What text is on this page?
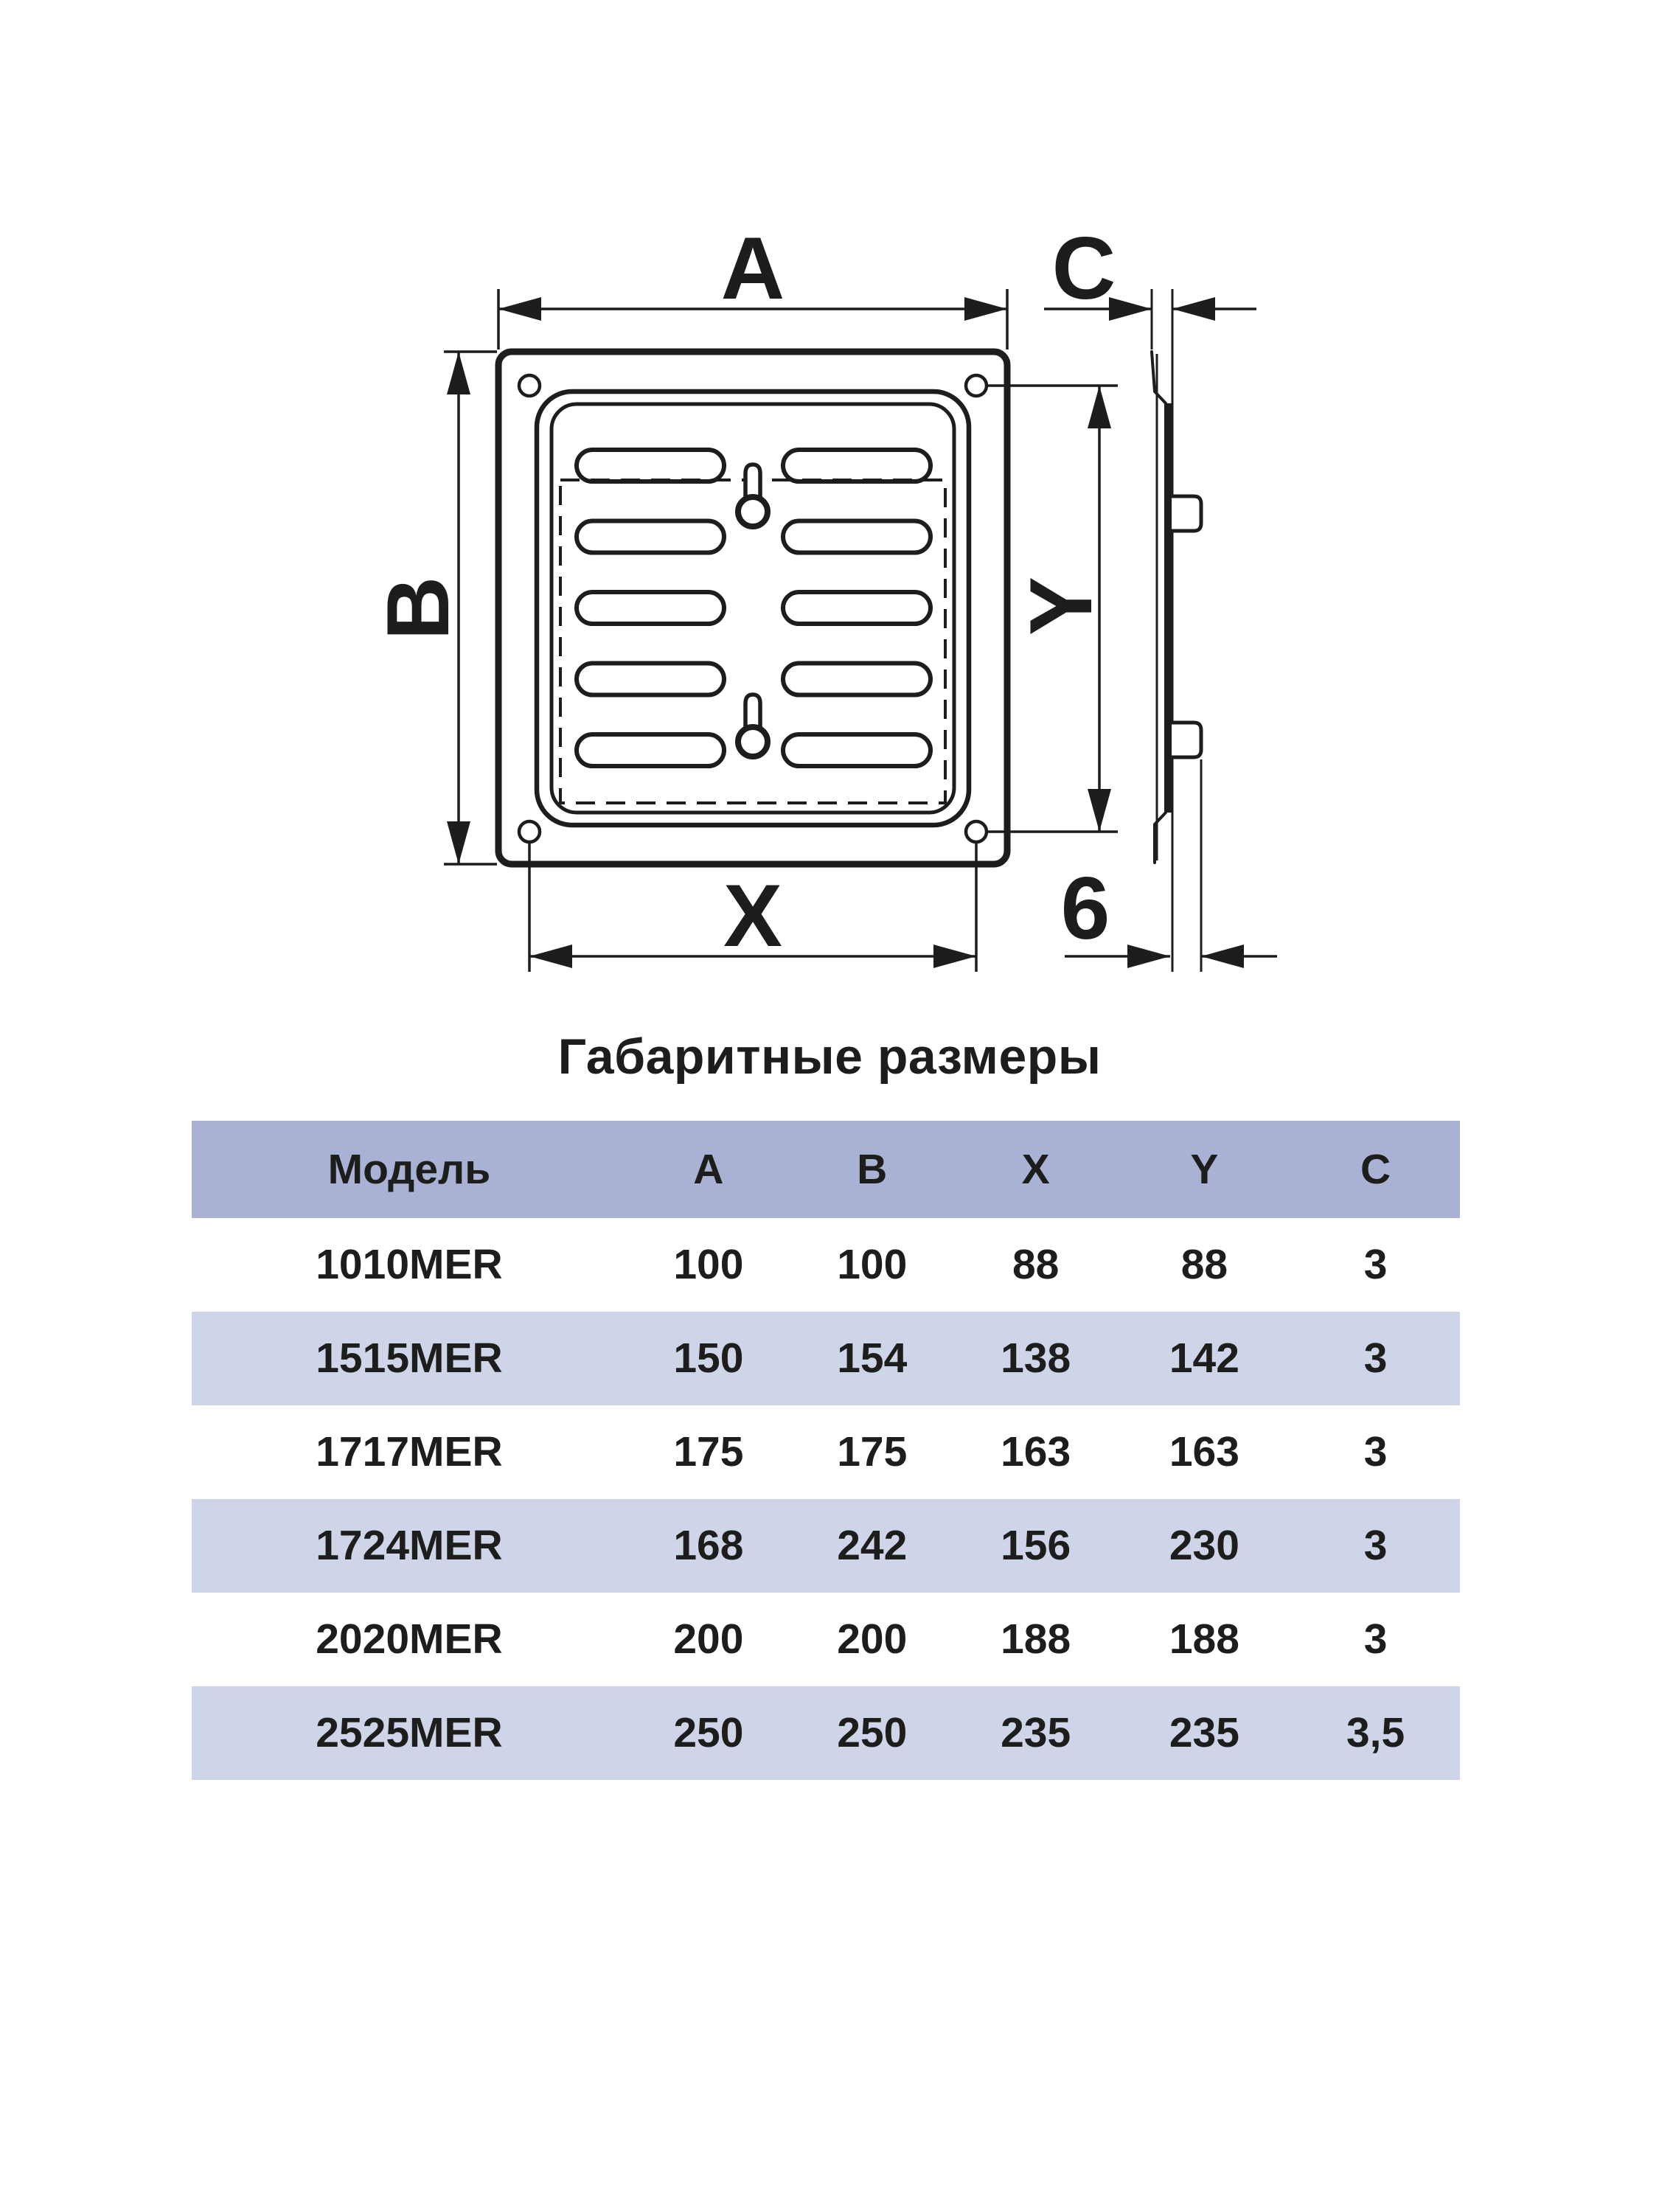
A
B
X
Y
C
6
Габаритные размеры
Модель	A	B	X	Y	C
1010MER	100	100	88	88	3
1515MER	150	154	138	142	3
1717MER	175	175	163	163	3
1724MER	168	242	156	230	3
2020MER	200	200	188	188	3
2525MER	250	250	235	235	3,5
